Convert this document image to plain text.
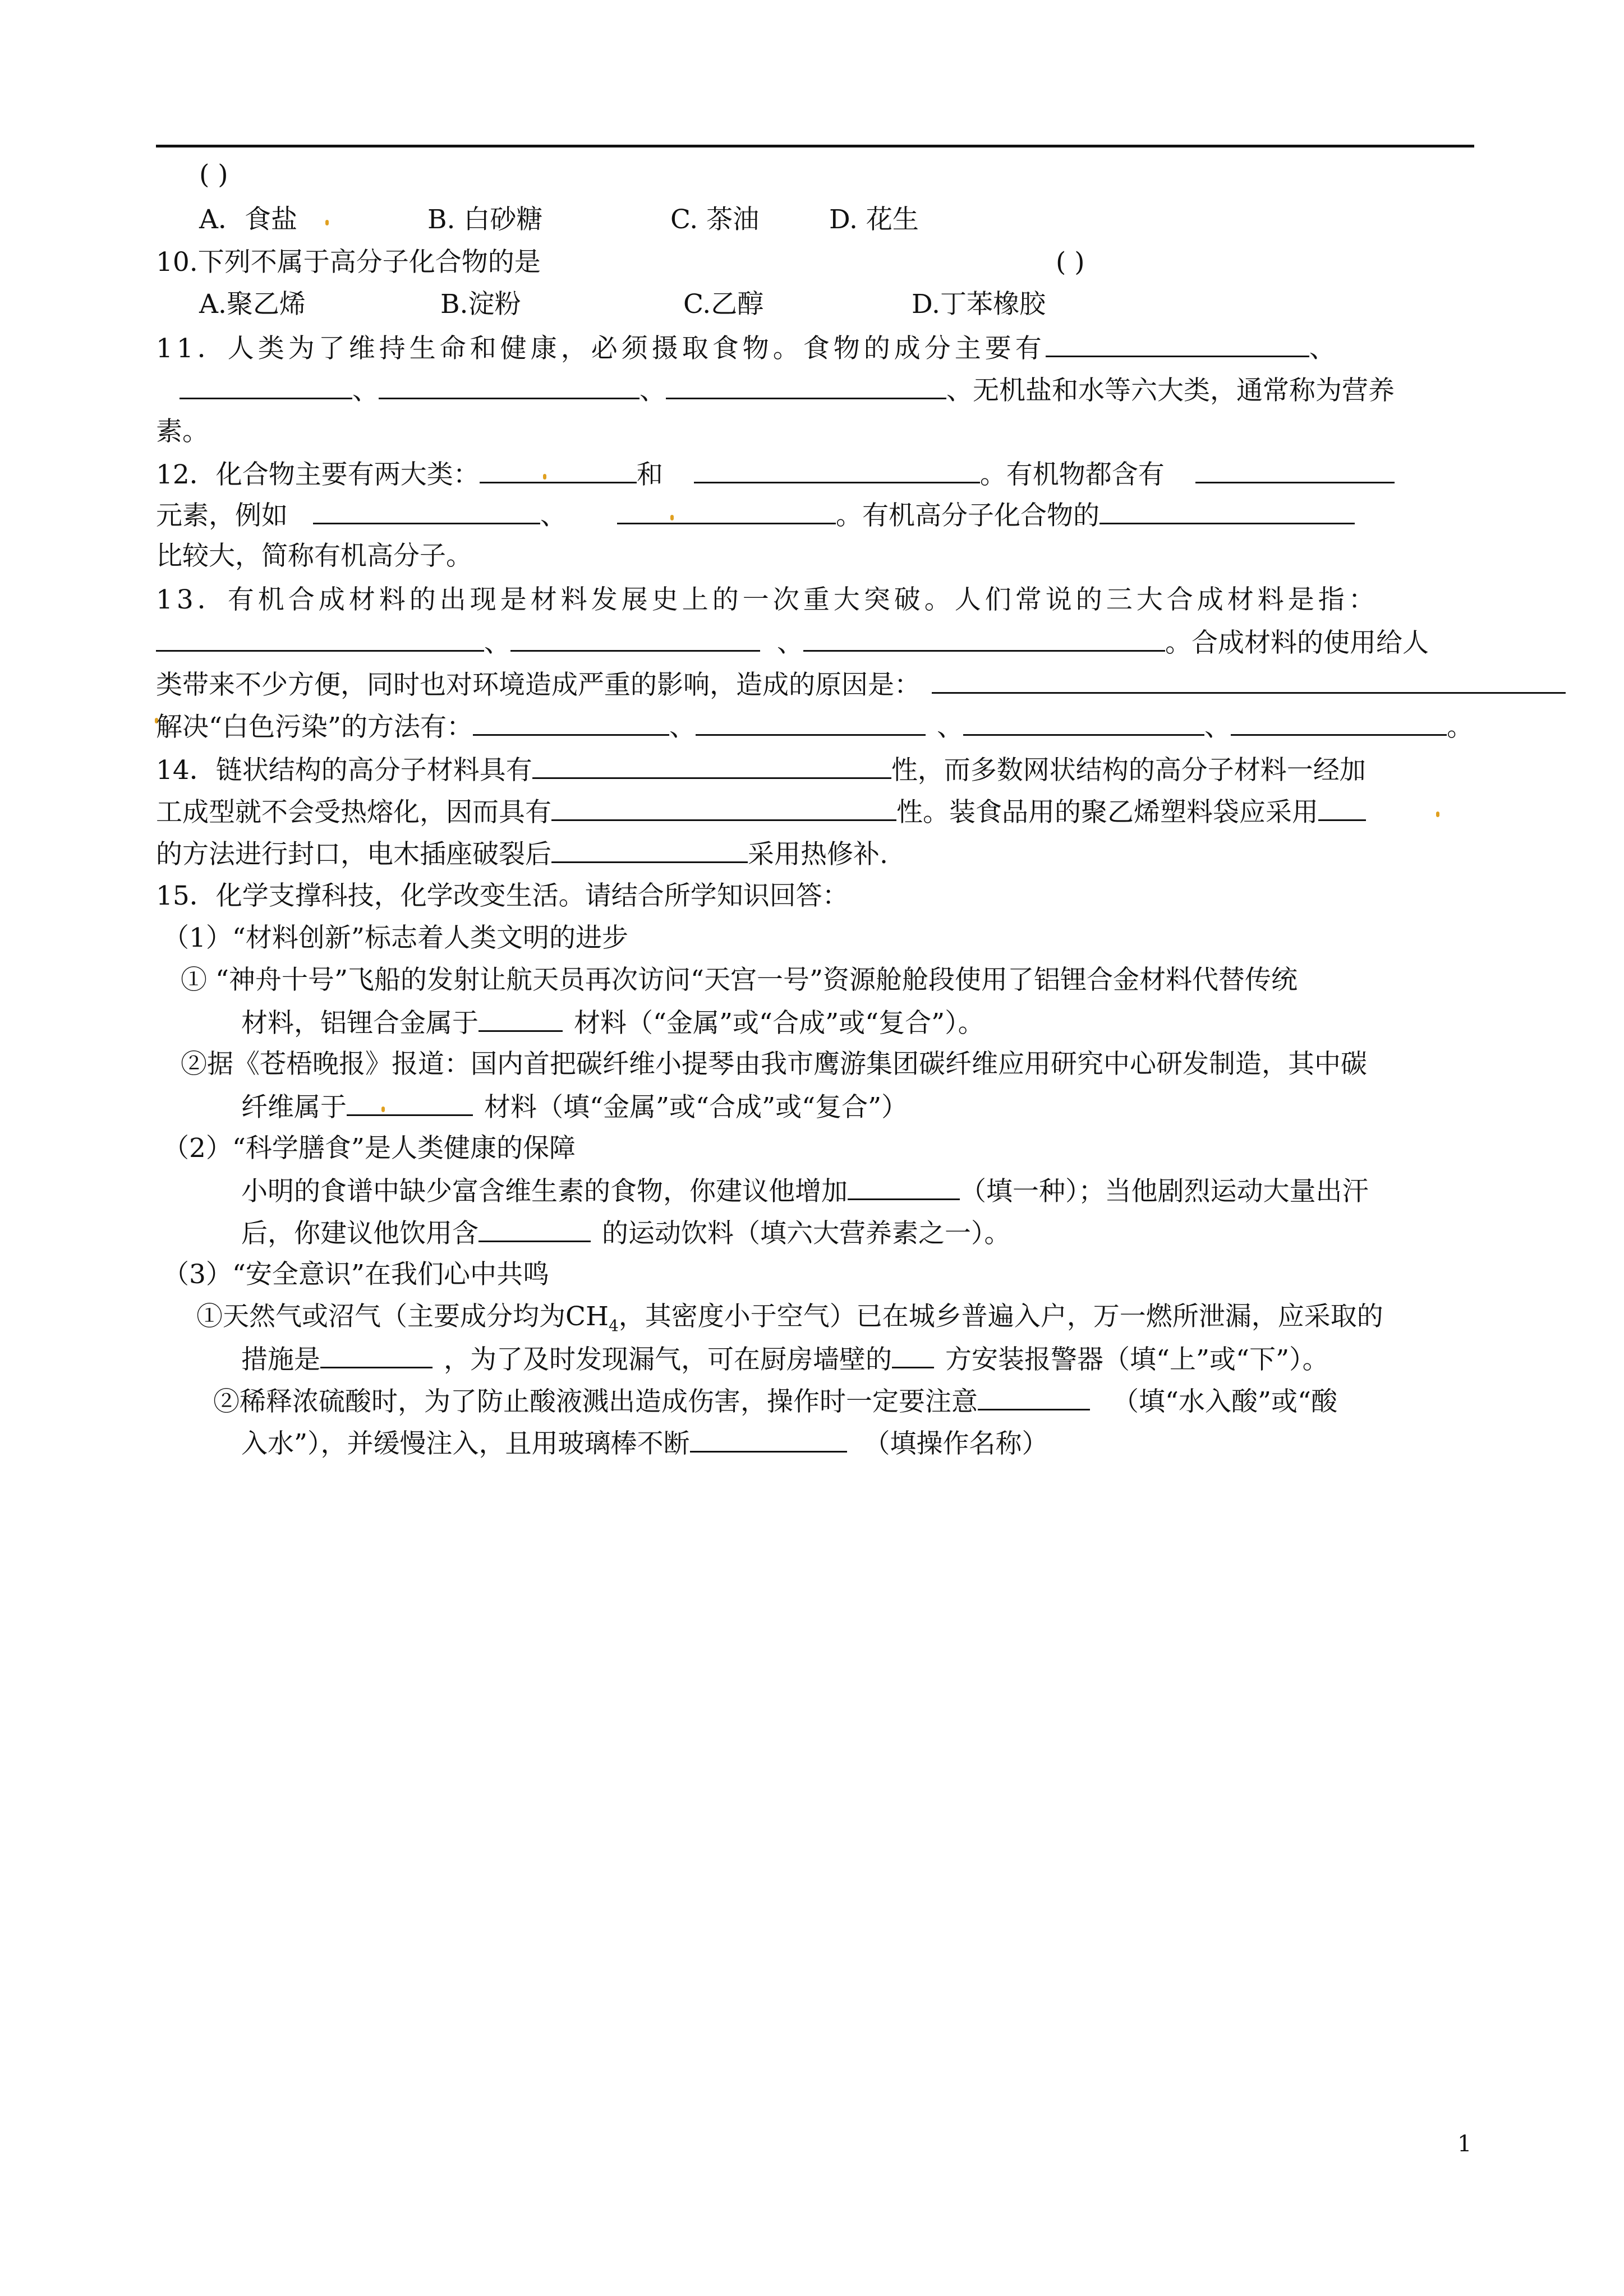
( )
A．食盐	B. 白砂糖	C. 茶油	D. 花生
10.下列不属于高分子化合物的是	( )
A.聚乙烯	B.淀粉	C.乙醇	D.丁苯橡胶
11．人类为了维持生命和健康，必须摄取食物。食物的成分主要有	、
、	、	、无机盐和水等六大类，通常称为营养
素。
12．化合物主要有两大类：	和	。有机物都含有
元素，例如	、	。有机高分子化合物的
比较大，简称有机高分子。
13．有机合成材料的出现是材料发展史上的一次重大突破。人们常说的三大合成材料是指：
、	、	。合成材料的使用给人
类带来不少方便，同时也对环境造成严重的影响，造成的原因是：
解决“白色污染”的方法有：	、	、	、	。
14．链状结构的高分子材料具有	性，而多数网状结构的高分子材料一经加
工成型就不会受热熔化，因而具有	性。装食品用的聚乙烯塑料袋应采用
的方法进行封口，电木插座破裂后	采用热修补.
15．化学支撑科技，化学改变生活。请结合所学知识回答：
（1）“材料创新”标志着人类文明的进步
① “神舟十号”飞船的发射让航天员再次访问“天宫一号”资源舱舱段使用了铝锂合金材料代替传统
材料，铝锂合金属于	材料（“金属”或“合成”或“复合”）。
②据《苍梧晚报》报道：国内首把碳纤维小提琴由我市鹰游集团碳纤维应用研究中心研发制造，其中碳
纤维属于	材料（填“金属”或“合成”或“复合”）
（2）“科学膳食”是人类健康的保障
小明的食谱中缺少富含维生素的食物，你建议他增加	（填一种）；当他剧烈运动大量出汗
后，你建议他饮用含	的运动饮料（填六大营养素之一）。
（3）“安全意识”在我们心中共鸣
①天然气或沼气（主要成分均为$CH_4$，其密度小于空气）已在城乡普遍入户，万一燃所泄漏，应采取的
措施是	，为了及时发现漏气，可在厨房墙壁的 方安装报警器（填“上”或“下”）。
②稀释浓硫酸时，为了防止酸液溅出造成伤害，操作时一定要注意	（填“水入酸”或“酸
入水”），并缓慢注入，且用玻璃棒不断	（填操作名称）
1
